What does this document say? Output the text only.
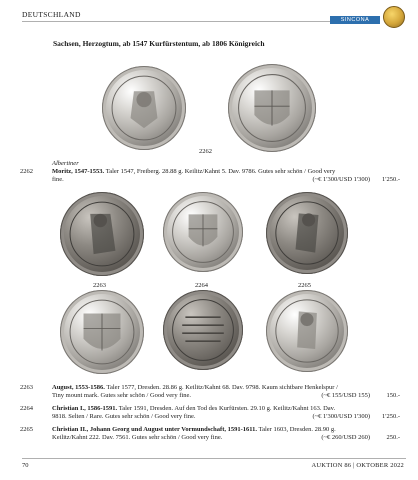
DEUTSCHLAND
SINCONA
Sachsen, Herzogtum, ab 1547 Kurfürstentum, ab 1806 Königreich
2262
Albertiner
2262	Moritz, 1547-1553. Taler 1547, Freiberg. 28.88 g. Keilitz/Kahnt 5. Dav. 9786. Gutes sehr schön / Good very
fine.	(~€ 1'300/USD 1'300)	1'250.-
2263	2264	2265
2263	August, 1553-1586. Taler 1577, Dresden. 28.86 g. Keilitz/Kahnt 68. Dav. 9798. Kaum sichtbare Henkelspur /
Tiny mount mark. Gutes sehr schön / Good very fine.	(~€ 155/USD 155)	150.-
2264	Christian I., 1586-1591. Taler 1591, Dresden. Auf den Tod des Kurfürsten. 29.10 g. Keilitz/Kahnt 163. Dav.
9818. Selten / Rare. Gutes sehr schön / Good very fine.	(~€ 1'300/USD 1'300)	1'250.-
2265	Christian II., Johann Georg und August unter Vormundschaft, 1591-1611. Taler 1603, Dresden. 28.90 g.
Keilitz/Kahnt 222. Dav. 7561. Gutes sehr schön / Good very fine.	(~€ 260/USD 260)	250.-
70	AUKTION 86 | OKTOBER 2022
